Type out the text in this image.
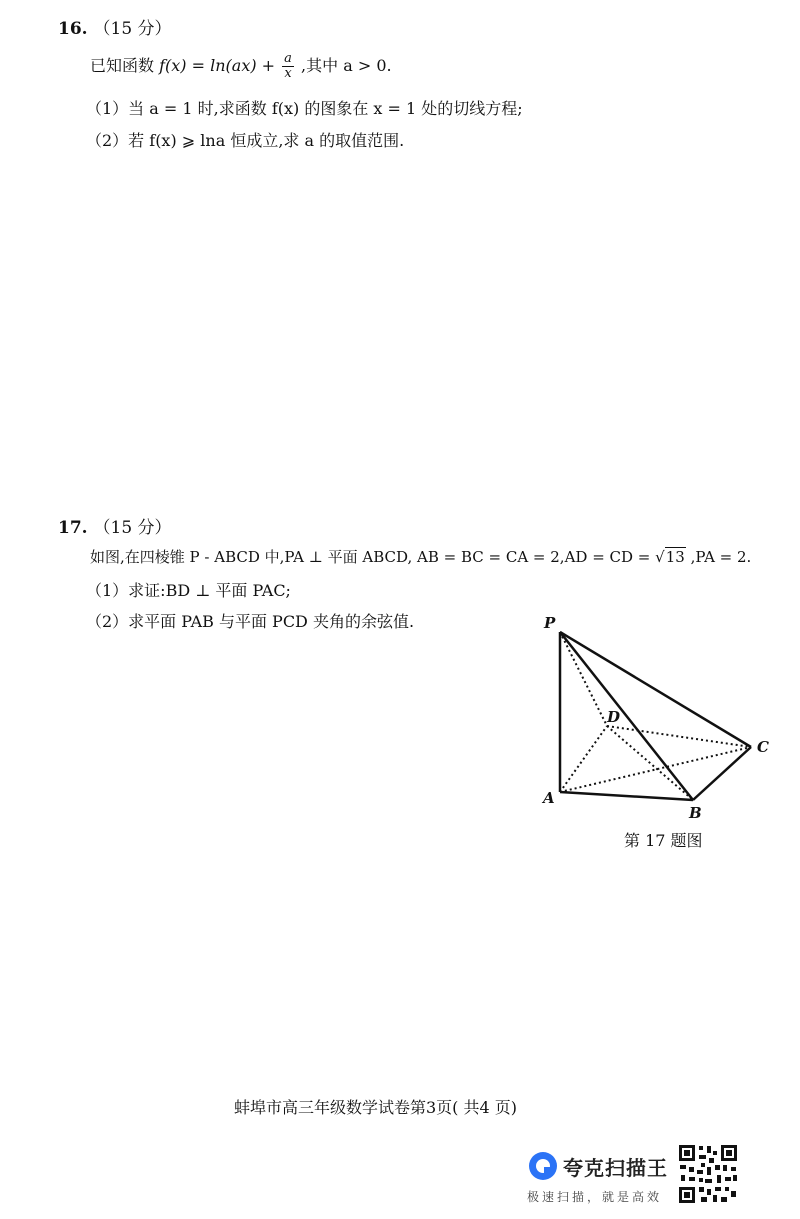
16. （15 分）
已知函数 $f(x) = \ln(ax) + \frac{a}{x}$ ,其中 a > 0.
（1）当 a = 1 时,求函数 f(x) 的图象在 x = 1 处的切线方程;
（2）若 f(x) ⩾ lna 恒成立,求 a 的取值范围.
17. （15 分）
如图,在四棱锥 P - ABCD 中,PA ⊥ 平面 ABCD, AB = BC = CA = 2,AD = CD = √13 ,PA = 2.
（1）求证:BD ⊥ 平面 PAC;
（2）求平面 PAB 与平面 PCD 夹角的余弦值.	P
D
C
A
B
第 17 题图
蚌埠市高三年级数学试卷第3页( 共4 页)
夸克扫描王
极速扫描，就是高效
